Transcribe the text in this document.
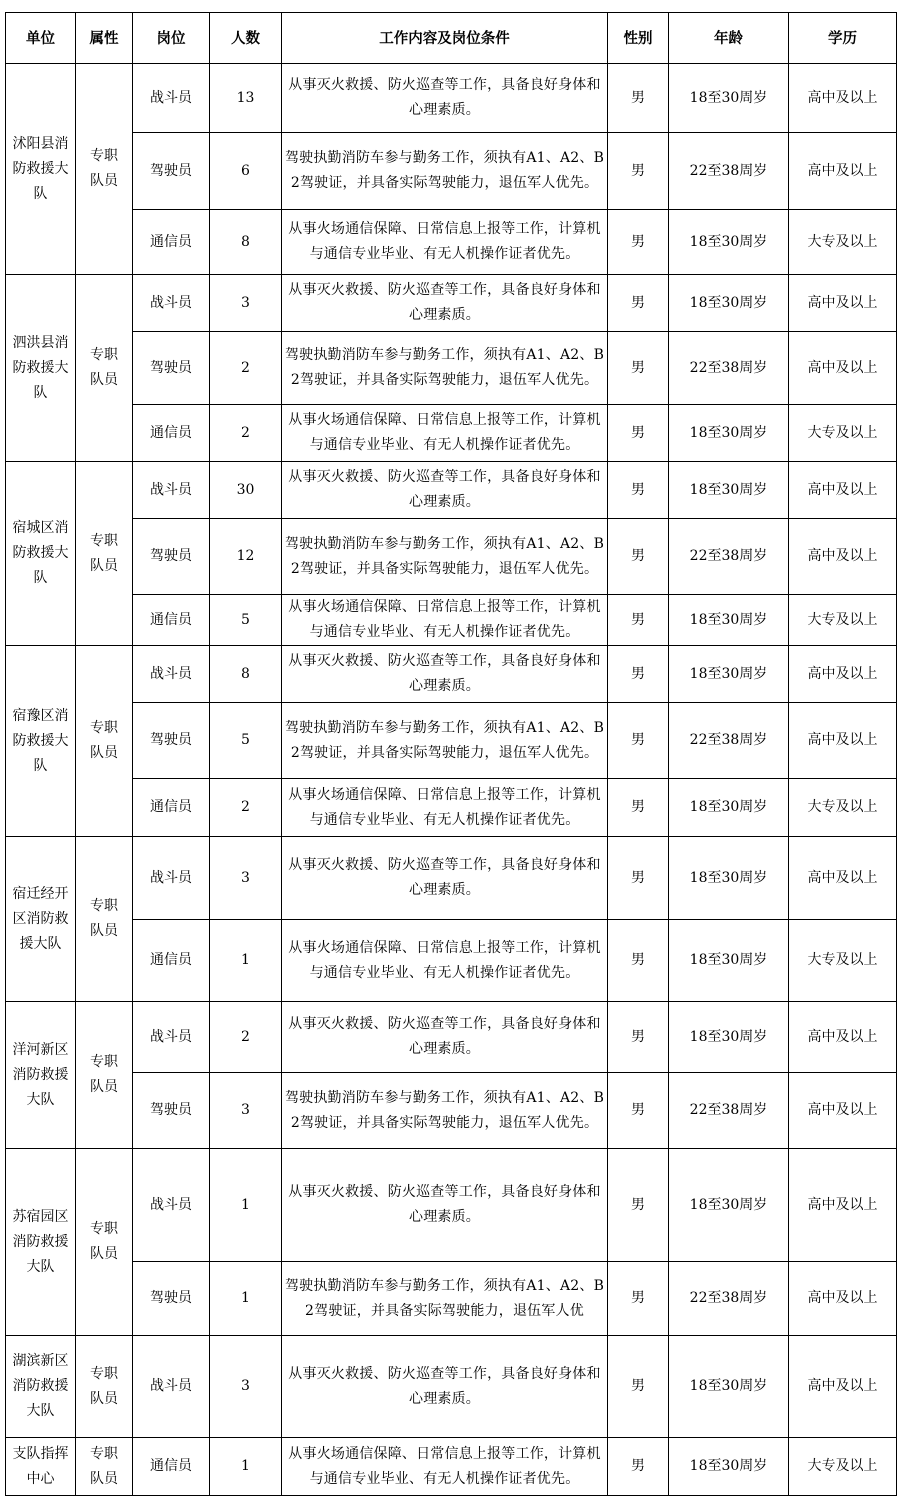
单位	属性	岗位	人数	工作内容及岗位条件	性别	年龄	学历
沭阳县消防救援大队	专职队员	战斗员	13	从事灭火救援、防火巡查等工作，具备良好身体和心理素质。	男	18至30周岁	高中及以上
		驾驶员	6	驾驶执勤消防车参与勤务工作，须执有A1、A2、B2驾驶证，并具备实际驾驶能力，退伍军人优先。	男	22至38周岁	高中及以上
		通信员	8	从事火场通信保障、日常信息上报等工作，计算机与通信专业毕业、有无人机操作证者优先。	男	18至30周岁	大专及以上
泗洪县消防救援大队	专职队员	战斗员	3	从事灭火救援、防火巡查等工作，具备良好身体和心理素质。	男	18至30周岁	高中及以上
		驾驶员	2	驾驶执勤消防车参与勤务工作，须执有A1、A2、B2驾驶证，并具备实际驾驶能力，退伍军人优先。	男	22至38周岁	高中及以上
		通信员	2	从事火场通信保障、日常信息上报等工作，计算机与通信专业毕业、有无人机操作证者优先。	男	18至30周岁	大专及以上
宿城区消防救援大队	专职队员	战斗员	30	从事灭火救援、防火巡查等工作，具备良好身体和心理素质。	男	18至30周岁	高中及以上
		驾驶员	12	驾驶执勤消防车参与勤务工作，须执有A1、A2、B2驾驶证，并具备实际驾驶能力，退伍军人优先。	男	22至38周岁	高中及以上
		通信员	5	从事火场通信保障、日常信息上报等工作，计算机与通信专业毕业、有无人机操作证者优先。	男	18至30周岁	大专及以上
宿豫区消防救援大队	专职队员	战斗员	8	从事灭火救援、防火巡查等工作，具备良好身体和心理素质。	男	18至30周岁	高中及以上
		驾驶员	5	驾驶执勤消防车参与勤务工作，须执有A1、A2、B2驾驶证，并具备实际驾驶能力，退伍军人优先。	男	22至38周岁	高中及以上
		通信员	2	从事火场通信保障、日常信息上报等工作，计算机与通信专业毕业、有无人机操作证者优先。	男	18至30周岁	大专及以上
宿迁经开区消防救援大队	专职队员	战斗员	3	从事灭火救援、防火巡查等工作，具备良好身体和心理素质。	男	18至30周岁	高中及以上
		通信员	1	从事火场通信保障、日常信息上报等工作，计算机与通信专业毕业、有无人机操作证者优先。	男	18至30周岁	大专及以上
洋河新区消防救援大队	专职队员	战斗员	2	从事灭火救援、防火巡查等工作，具备良好身体和心理素质。	男	18至30周岁	高中及以上
		驾驶员	3	驾驶执勤消防车参与勤务工作，须执有A1、A2、B2驾驶证，并具备实际驾驶能力，退伍军人优先。	男	22至38周岁	高中及以上
苏宿园区消防救援大队	专职队员	战斗员	1	从事灭火救援、防火巡查等工作，具备良好身体和心理素质。	男	18至30周岁	高中及以上
		驾驶员	1	驾驶执勤消防车参与勤务工作，须执有A1、A2、B2驾驶证，并具备实际驾驶能力，退伍军人优	男	22至38周岁	高中及以上
湖滨新区消防救援大队	专职队员	战斗员	3	从事灭火救援、防火巡查等工作，具备良好身体和心理素质。	男	18至30周岁	高中及以上
支队指挥中心	专职队员	通信员	1	从事火场通信保障、日常信息上报等工作，计算机与通信专业毕业、有无人机操作证者优先。	男	18至30周岁	大专及以上
